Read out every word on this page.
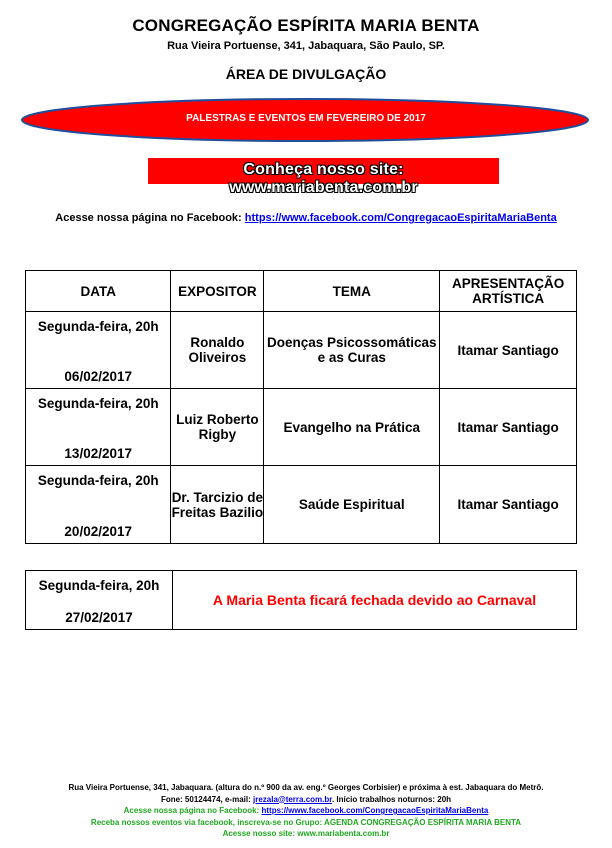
CONGREGAÇÃO ESPÍRITA MARIA BENTA
Rua Vieira Portuense, 341, Jabaquara, São Paulo, SP.
ÁREA DE DIVULGAÇÃO
PALESTRAS E EVENTOS EM FEVEREIRO DE 2017
Conheça nosso site: www.mariabenta.com.br
Acesse nossa página no Facebook: https://www.facebook.com/CongregacaoEspiritaMariaBenta
DATA	EXPOSITOR	TEMA	APRESENTAÇÃO ARTÍSTICA

Segunda-feira, 20h
06/02/2017	Ronaldo Oliveiros	Doenças Psicossomáticas e as Curas	Itamar Santiago

Segunda-feira, 20h
13/02/2017	Luiz Roberto Rigby	Evangelho na Prática	Itamar Santiago

Segunda-feira, 20h
20/02/2017	Dr. Tarcizio de Freitas Bazilio	Saúde Espiritual	Itamar Santiago
Segunda-feira, 20h
27/02/2017
	A Maria Benta ficará fechada devido ao Carnaval
Rua Vieira Portuense, 341, Jabaquara. (altura do n.º 900 da av. eng.º Georges Corbisier) e próxima à est. Jabaquara do Metrô.
Fone: 50124474, e-mail: jrezala@terra.com.br. Início trabalhos noturnos: 20h
Acesse nossa página no Facebook: https://www.facebook.com/CongregacaoEspiritaMariaBenta
Receba nossos eventos via facebook, inscreva-se no Grupo: AGENDA CONGREGAÇÃO ESPÍRITA MARIA BENTA
Acesse nosso site: www.mariabenta.com.br
